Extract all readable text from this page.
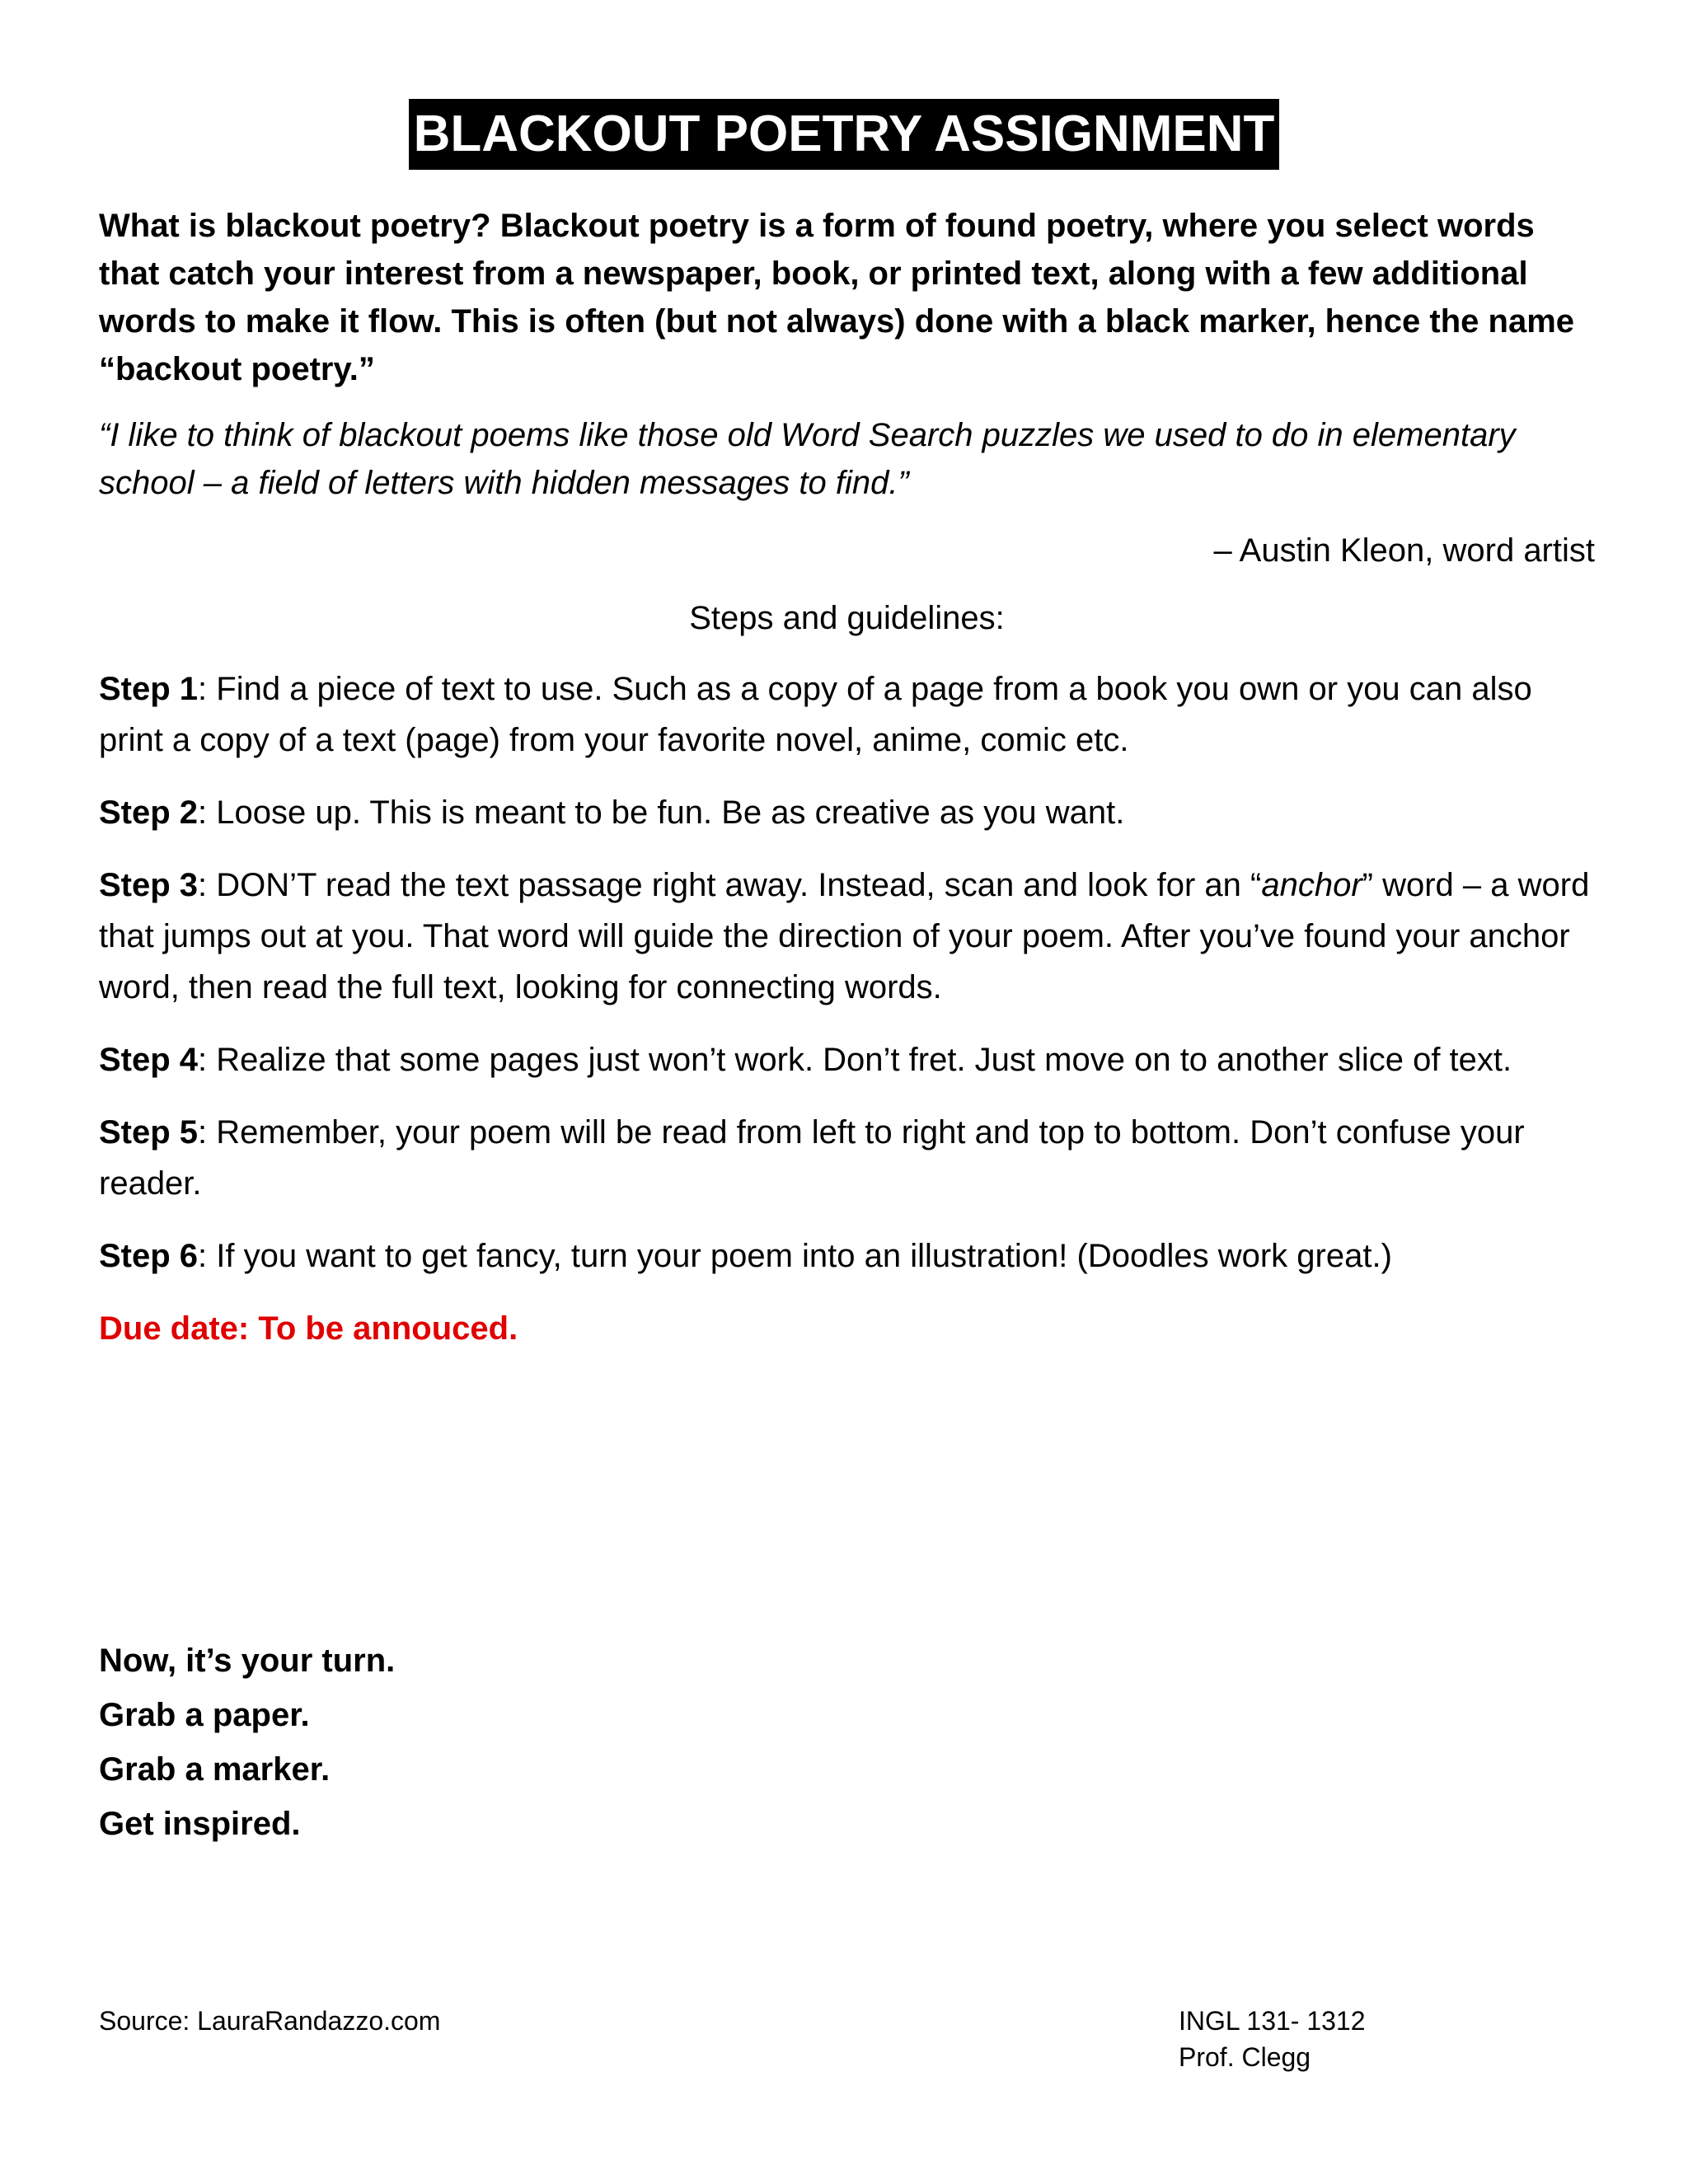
BLACKOUT POETRY ASSIGNMENT

What is blackout poetry? Blackout poetry is a form of found poetry, where you select words that catch your interest from a newspaper, book, or printed text, along with a few additional words to make it flow. This is often (but not always) done with a black marker, hence the name “backout poetry.”

“I like to think of blackout poems like those old Word Search puzzles we used to do in elementary school – a field of letters with hidden messages to find.”

– Austin Kleon, word artist

Steps and guidelines:

Step 1: Find a piece of text to use. Such as a copy of a page from a book you own or you can also print a copy of a text (page) from your favorite novel, anime, comic etc.

Step 2: Loose up. This is meant to be fun. Be as creative as you want.

Step 3: DON’T read the text passage right away. Instead, scan and look for an “anchor” word – a word that jumps out at you. That word will guide the direction of your poem. After you’ve found your anchor word, then read the full text, looking for connecting words.

Step 4: Realize that some pages just won’t work. Don’t fret. Just move on to another slice of text.

Step 5: Remember, your poem will be read from left to right and top to bottom. Don’t confuse your reader.

Step 6: If you want to get fancy, turn your poem into an illustration! (Doodles work great.)

Due date: To be annouced.

Now, it’s your turn.
Grab a paper.
Grab a marker.
Get inspired.
Source: LauraRandazzo.com	INGL 131- 1312
Prof. Clegg
